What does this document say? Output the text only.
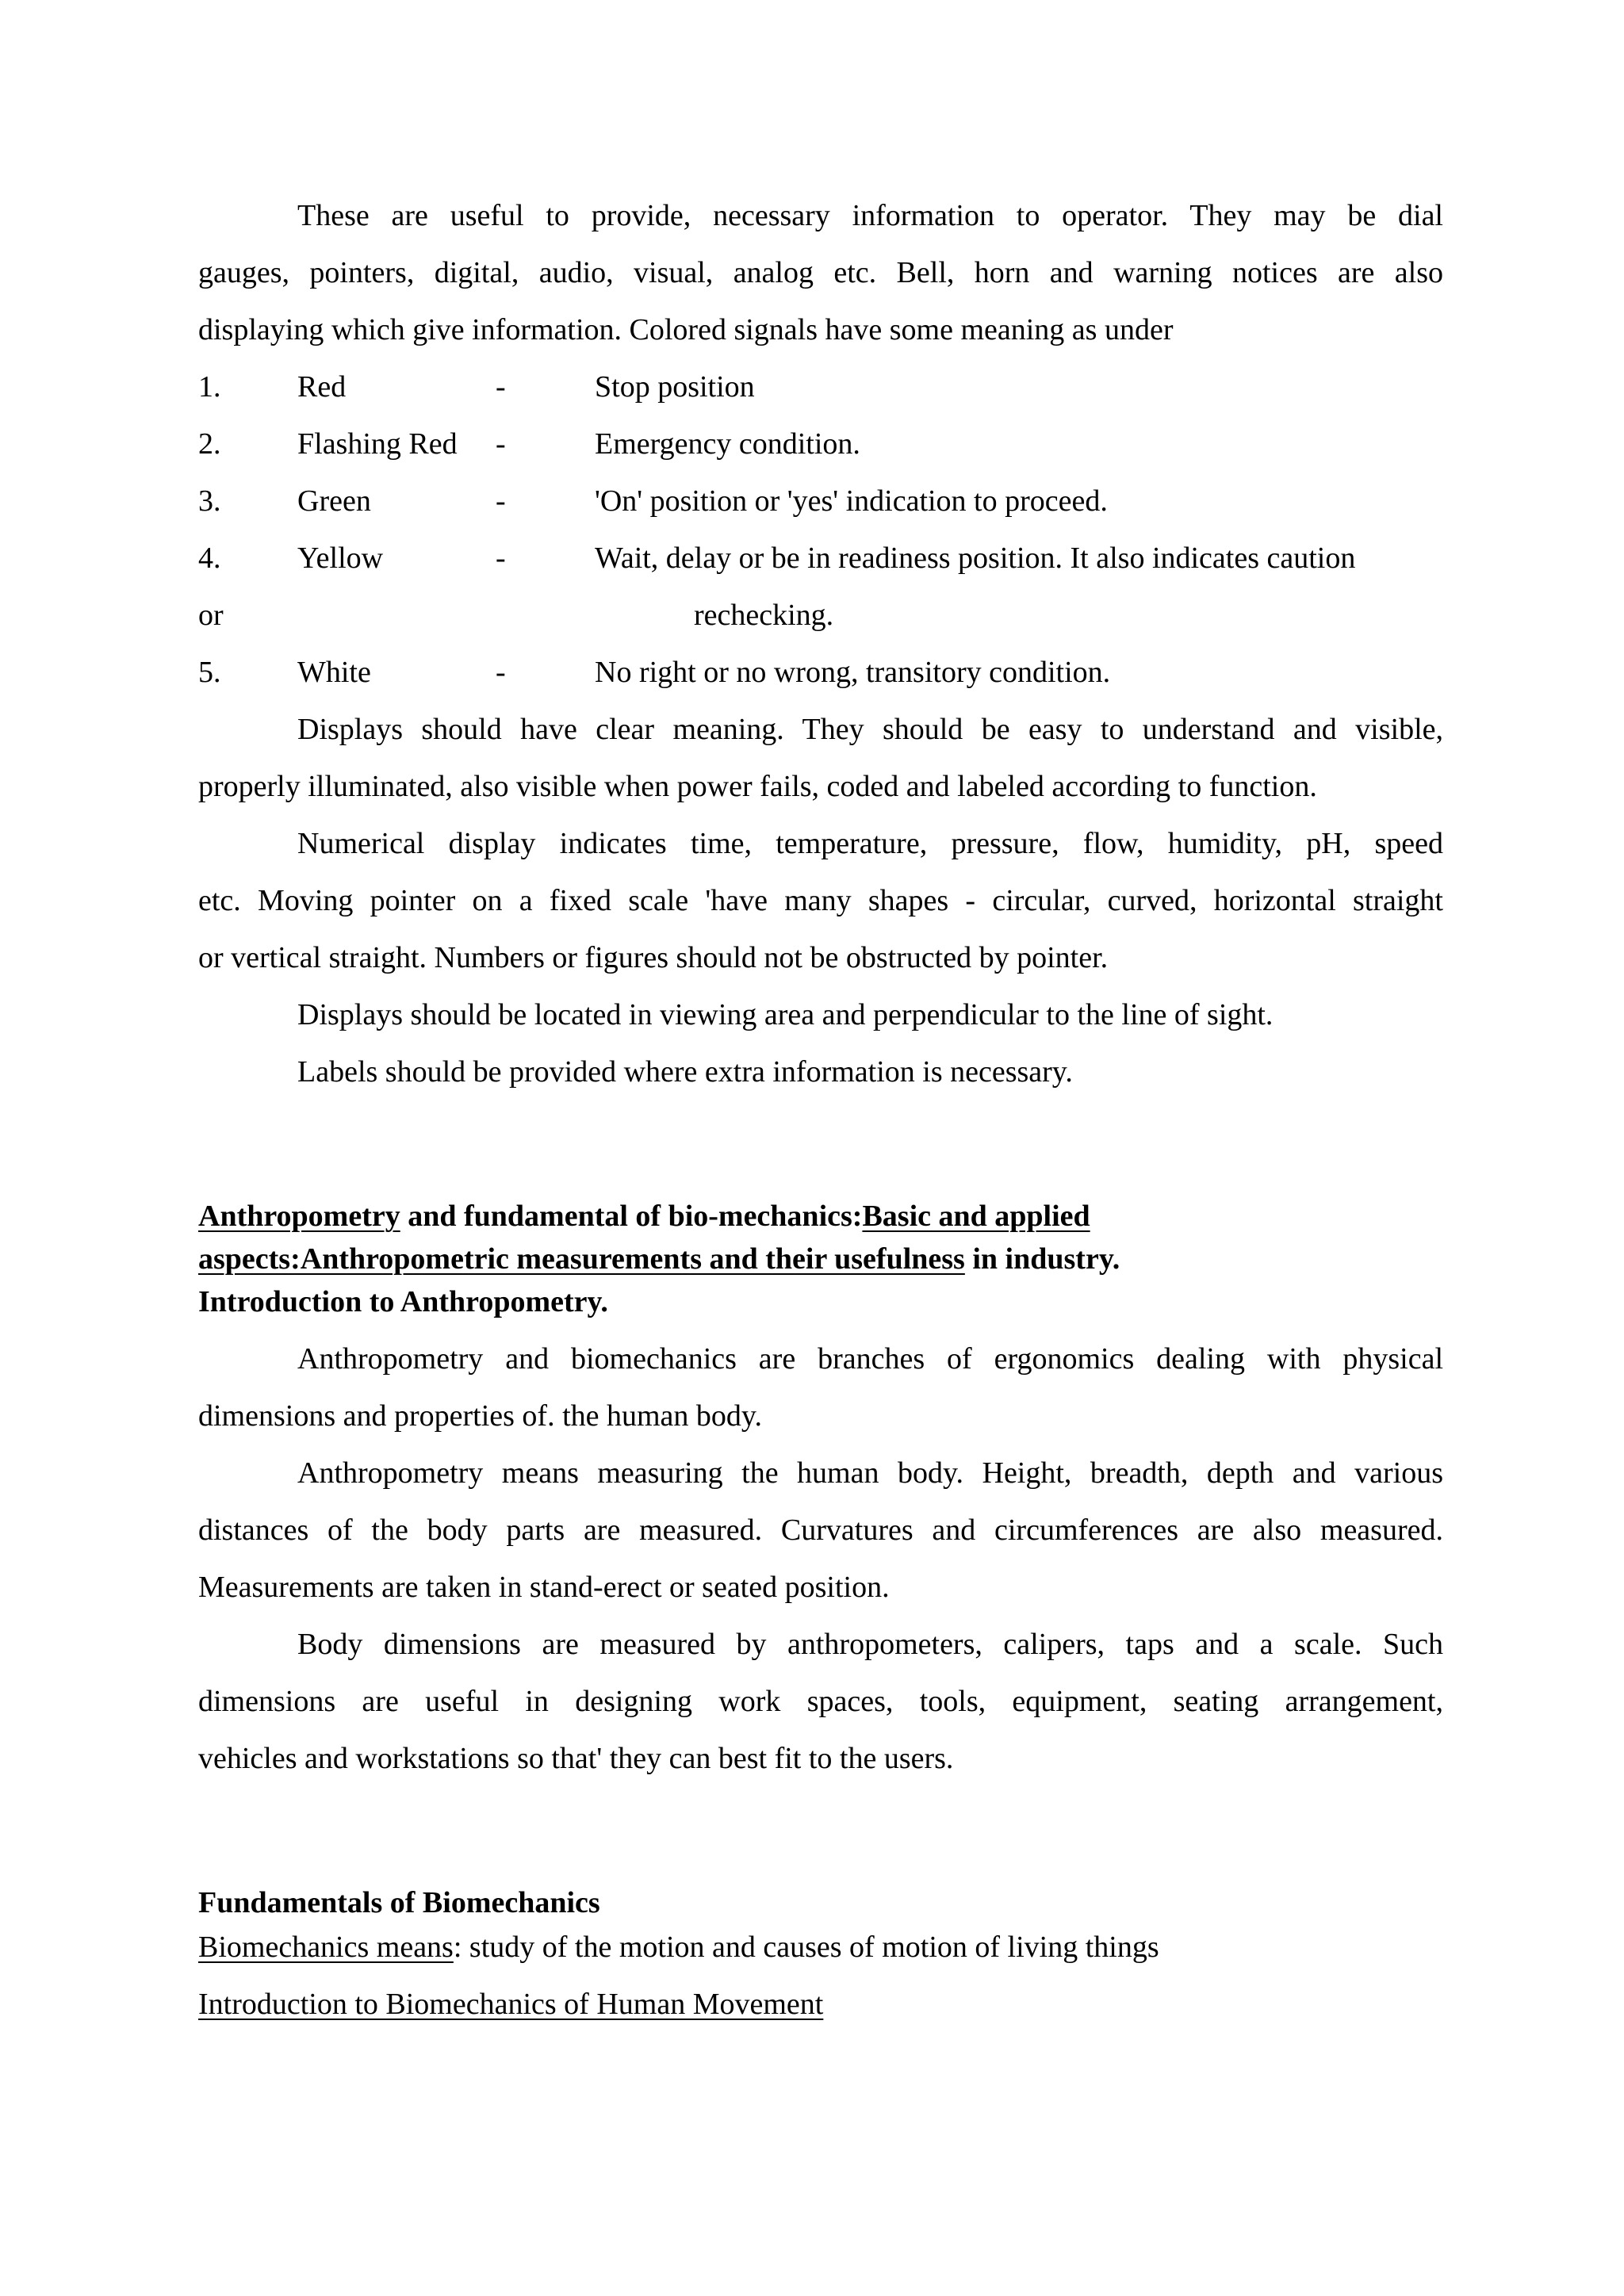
These are useful to provide, necessary information to operator. They may be dial
gauges, pointers, digital, audio, visual, analog etc. Bell, horn and warning notices are also
displaying which give information. Colored signals have some meaning as under
1.	Red	-	Stop position
2.	Flashing Red -	Emergency condition.
3.	Green	-	'On' position or 'yes' indication to proceed.
4.	Yellow	-	Wait, delay or be in readiness position. It also indicates caution
or	rechecking.
5.	White	-	No right or no wrong, transitory condition.
Displays should have clear meaning. They should be easy to understand and visible,
properly illuminated, also visible when power fails, coded and labeled according to function.
Numerical display indicates time, temperature, pressure, flow, humidity, pH, speed
etc. Moving pointer on a fixed scale 'have many shapes - circular, curved, horizontal straight
or vertical straight. Numbers or figures should not be obstructed by pointer.
Displays should be located in viewing area and perpendicular to the line of sight.
Labels should be provided where extra information is necessary.
Anthropometry and fundamental of bio-mechanics:Basic and applied
aspects:Anthropometric measurements and their usefulness in industry.
Introduction to Anthropometry.
Anthropometry and biomechanics are branches of ergonomics dealing with physical
dimensions and properties of. the human body.
Anthropometry means measuring the human body. Height, breadth, depth and various
distances of the body parts are measured. Curvatures and circumferences are also measured.
Measurements are taken in stand-erect or seated position.
Body dimensions are measured by anthropometers, calipers, taps and a scale. Such
dimensions are useful in designing work spaces, tools, equipment, seating arrangement,
vehicles and workstations so that' they can best fit to the users.
Fundamentals of Biomechanics
Biomechanics means: study of the motion and causes of motion of living things
Introduction to Biomechanics of Human Movement
